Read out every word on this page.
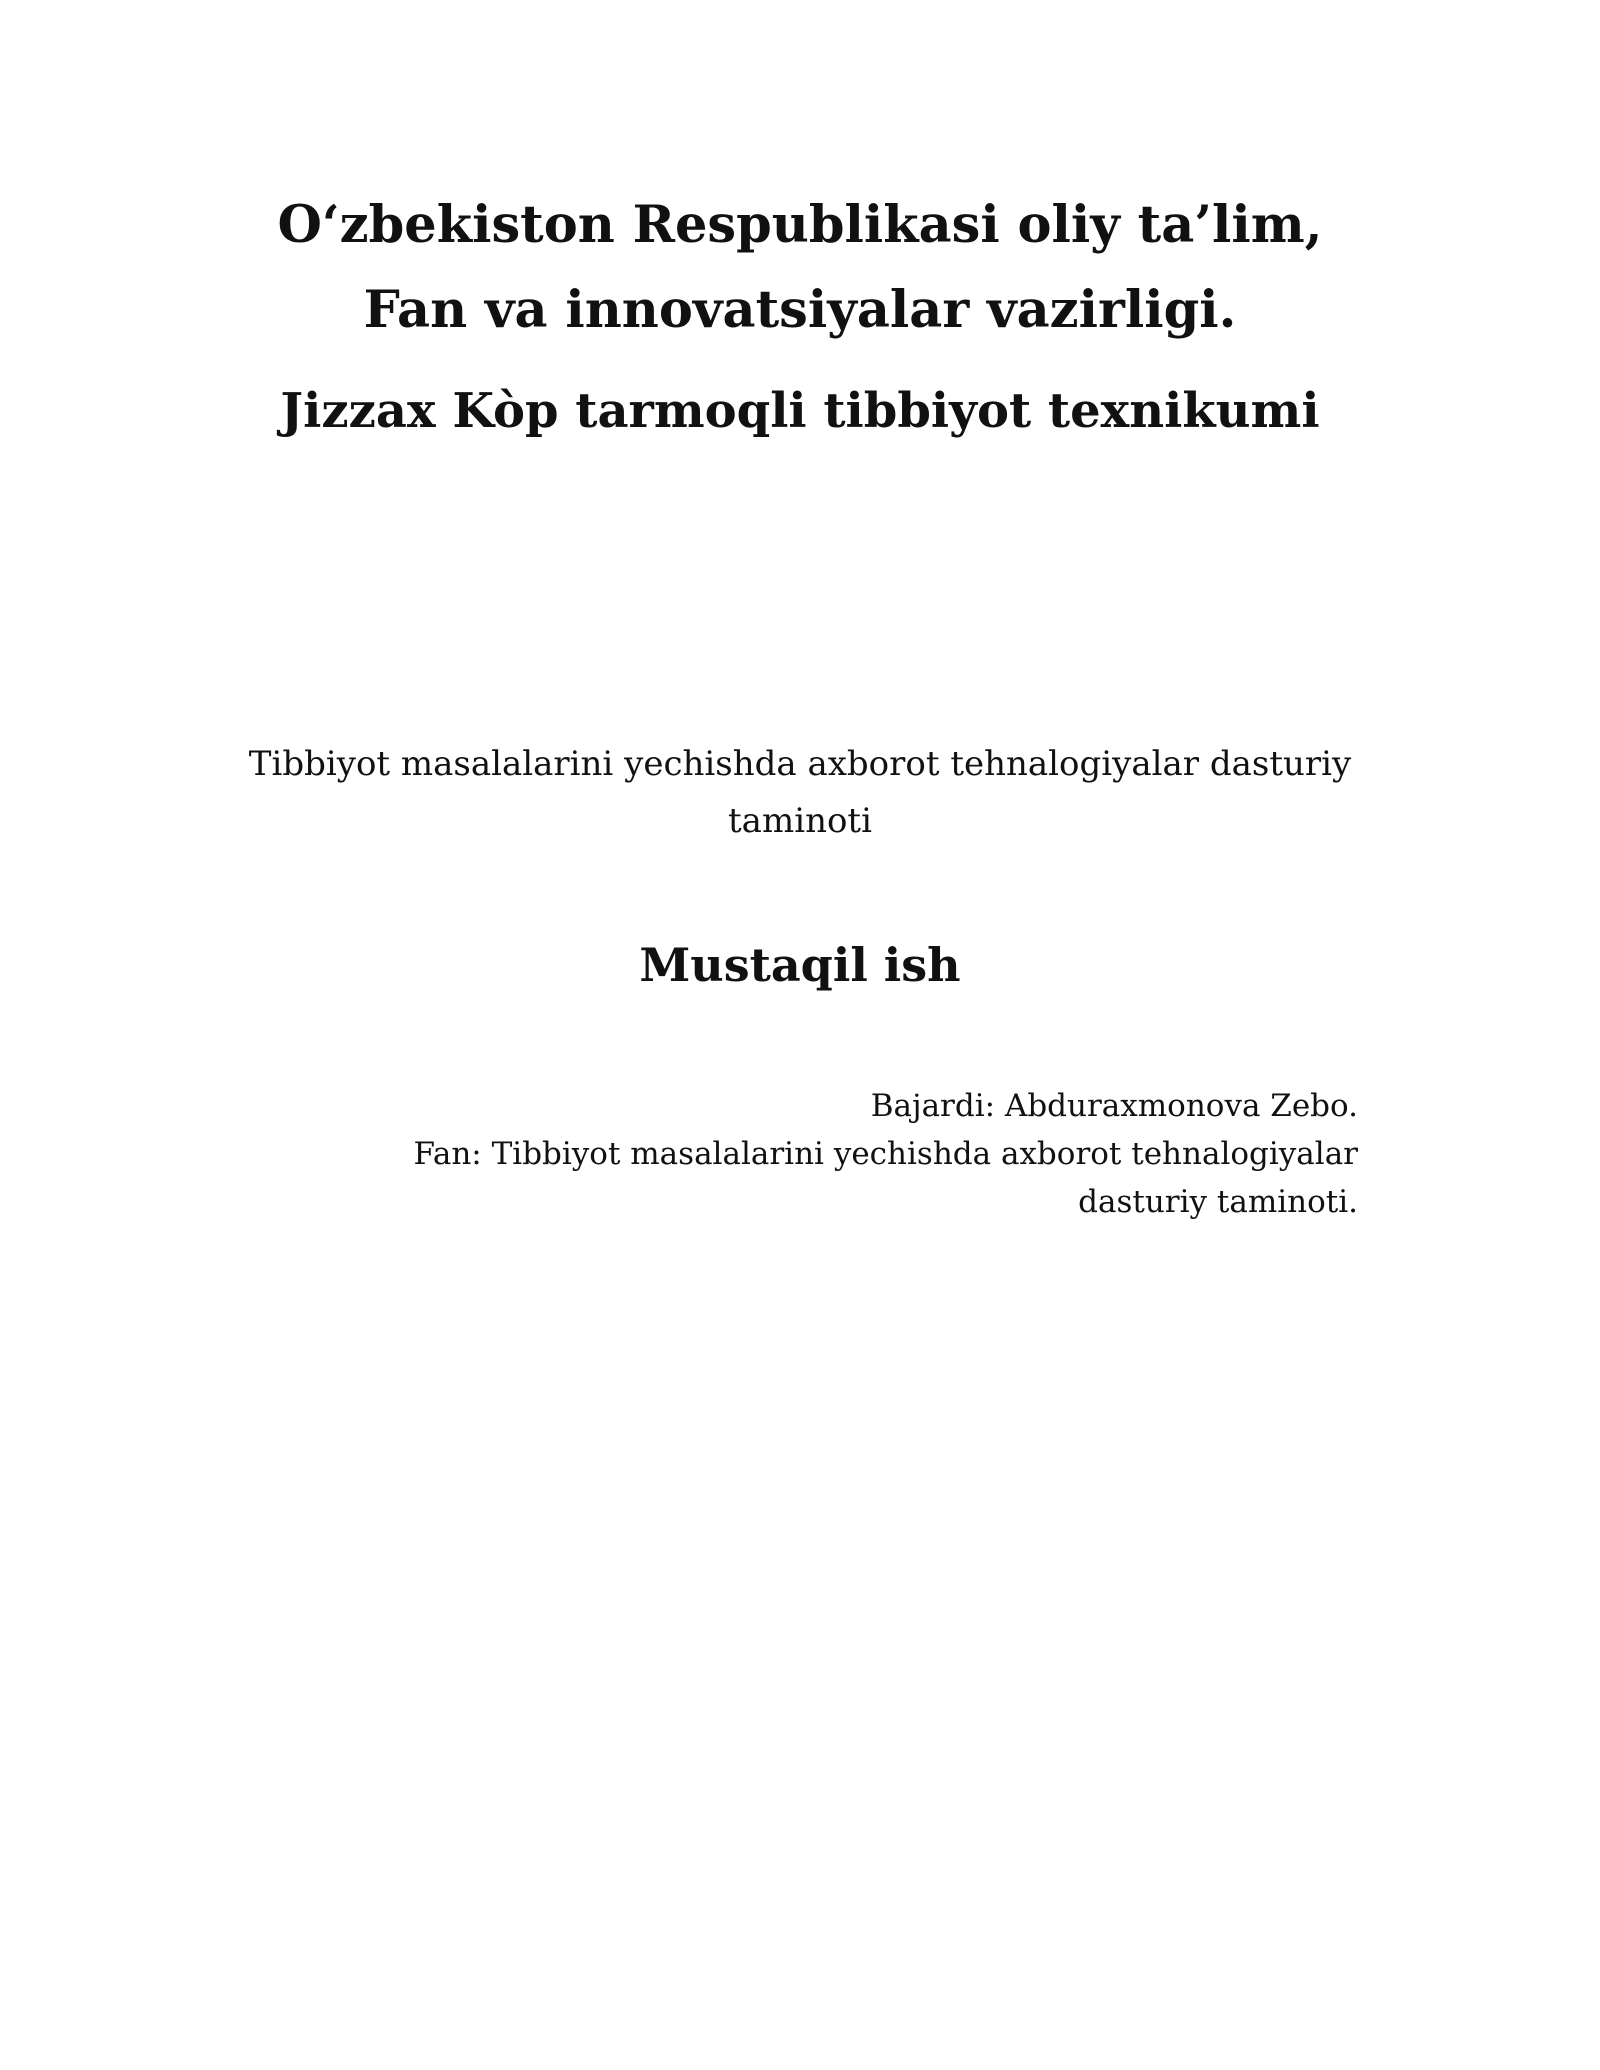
O‘zbekiston Respublikasi oliy ta’lim,
Fan va innovatsiyalar vazirligi.
Jizzax Kòp tarmoqli tibbiyot texnikumi
Tibbiyot masalalarini yechishda axborot tehnalogiyalar dasturiy taminoti
Mustaqil ish
Bajardi: Abduraxmonova Zebo.
Fan: Tibbiyot masalalarini yechishda axborot tehnalogiyalar dasturiy taminoti.
